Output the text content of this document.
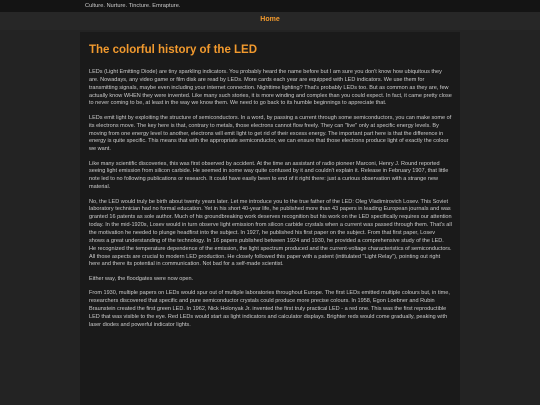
Culture. Nurture. Tincture. Emrapture.
Home
The colorful history of the LED

LEDs (Light Emitting Diode) are tiny sparkling indicators. You probably heard the name before but I am sure you don't know how ubiquitous they are. Nowadays, any video game or film disk are read by LEDs. More cards each year are equipped with LED indicators. We use them for transmitting signals, maybe even including your internet connection. Nighttime lighting? That's probably LEDs too. But as common as they are, few actually know WHEN they were invented. Like many such stories, it is more winding and complex than you could expect. In fact, it came pretty close to never coming to be, at least in the way we know them. We need to go back to its humble beginnings to appreciate that.

LEDs emit light by exploiting the structure of semiconductors. In a word, by passing a current through some semiconductors, you can make some of its electrons move. The key here is that, contrary to metals, those electrons cannot flow freely. They can "live" only at specific energy levels. By moving from one energy level to another, electrons will emit light to get rid of their excess energy. The important part here is that the difference in energy is quite specific. This means that with the appropriate semiconductor, we can ensure that those electrons produce light of exactly the colour we want.

Like many scientific discoveries, this was first observed by accident. At the time an assistant of radio pioneer Marconi, Henry J. Round reported seeing light emission from silicon carbide. He seemed in some way quite confused by it and couldn't explain it. Release in February 1907, that little note led to no following publications or research. It could have easily been to end of it right there: just a curious observation with a strange new material.

No, the LED would truly be birth about twenty years later. Let me introduce you to the true father of the LED: Oleg Vladimirovich Losev. This Soviet laboratory technician had no formal education. Yet in his short 40-year life, he published more than 43 papers in leading European journals and was granted 16 patents as sole author. Much of his groundbreaking work deserves recognition but his work on the LED specifically requires our attention today. In the mid-1920s, Losev would in turn observe light emission from silicon carbide crystals when a current was passed through them. That's all the motivation he needed to plunge headfirst into the subject. In 1927, he published his first paper on the subject. From that first paper, Losev shows a great understanding of the technology. In 16 papers published between 1924 and 1930, he provided a comprehensive study of the LED. He recognized the temperature dependence of the emission, the light spectrum produced and the current-voltage characteristics of semiconductors. All those aspects are crucial to modern LED production. He closely followed this paper with a patent (intitulated "Light Relay"), pointing out right here and there its potential in communication. Not bad for a self-made scientist.

Either way, the floodgates were now open.

From 1930, multiple papers on LEDs would spur out of multiple laboratories throughout Europe. The first LEDs emitted multiple colours but, in time, researchers discovered that specific and pure semiconductor crystals could produce more precise colours. In 1958, Egon Loebner and Rubin Braunstein created the first green LED. In 1962, Nick Holonyak Jr. invented the first truly practical LED - a red one. This was the first reproductible LED that was visible to the eye. Red LEDs would start as light indicators and calculator displays. Brighter reds would come gradually, peaking with laser diodes and powerful indicator lights.
